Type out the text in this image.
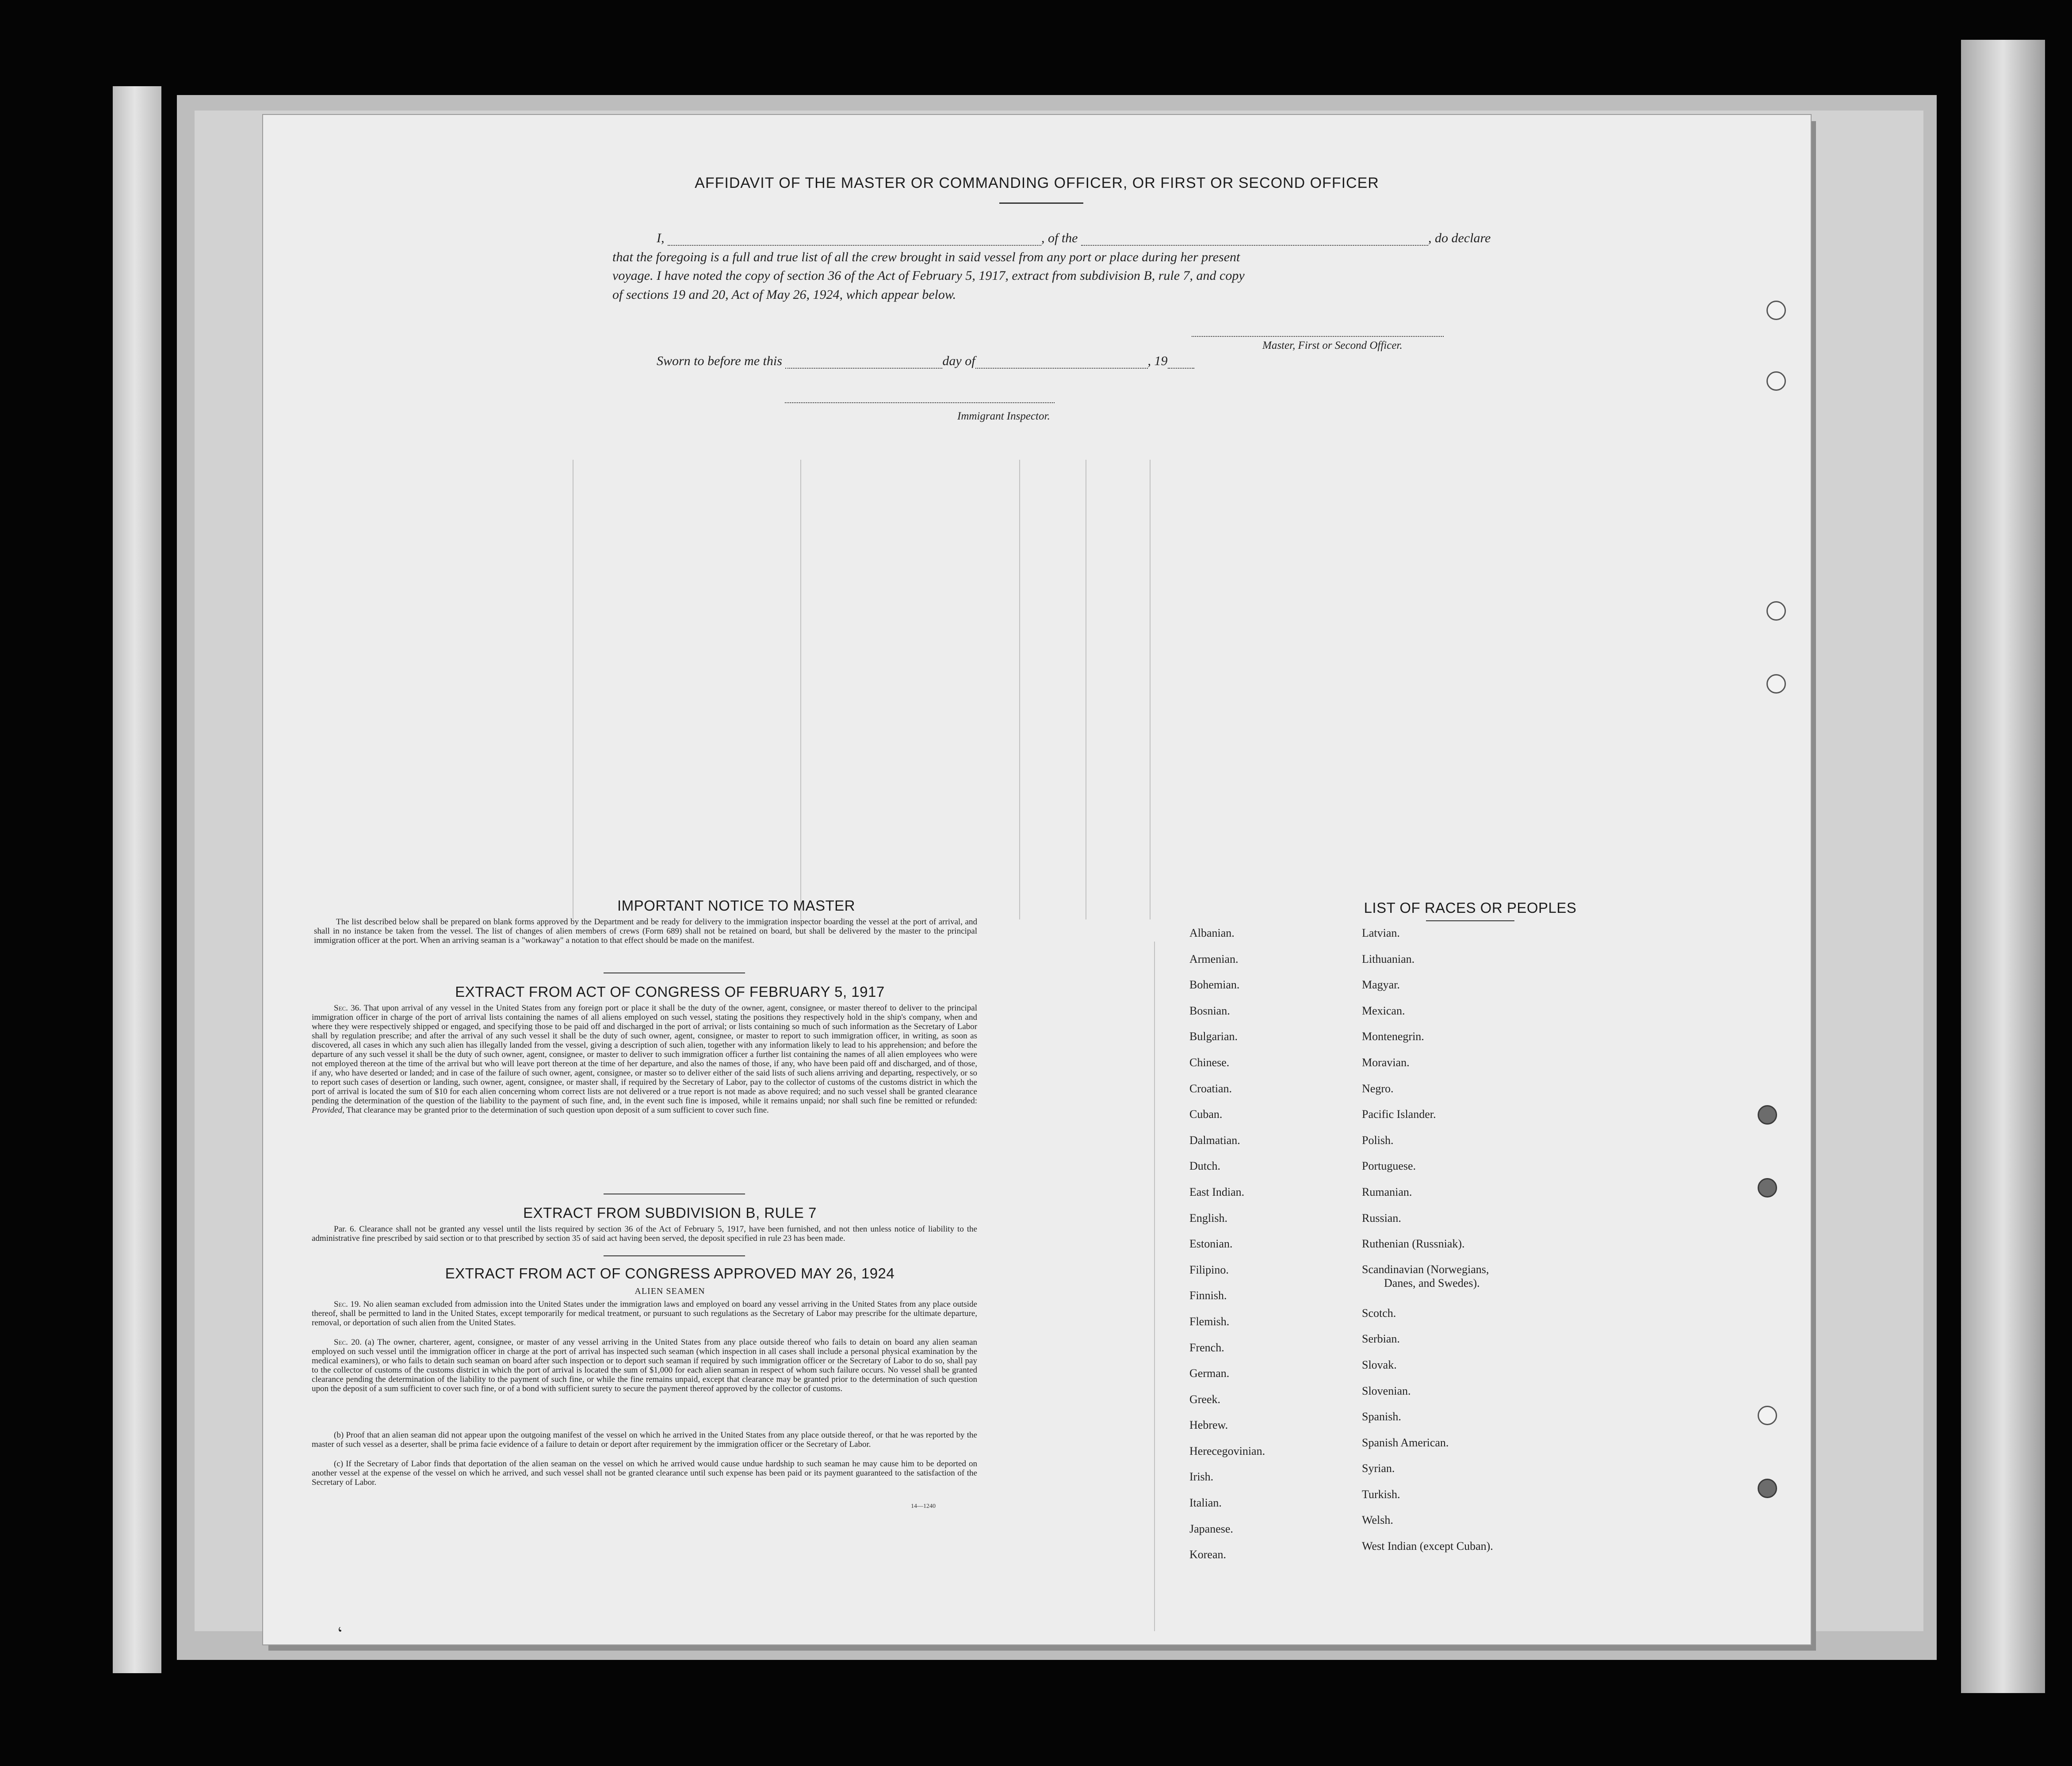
AFFIDAVIT OF THE MASTER OR COMMANDING OFFICER, OR FIRST OR SECOND OFFICER
I,	, of the	, do declare
that the foregoing is a full and true list of all the crew brought in said vessel from any port or place during her present
voyage. I have noted the copy of section 36 of the Act of February 5, 1917, extract from subdivision B, rule 7, and copy
of sections 19 and 20, Act of May 26, 1924, which appear below.
Master, First or Second Officer.
Sworn to before me this	day of	, 19
Immigrant Inspector.
IMPORTANT NOTICE TO MASTER
The list described below shall be prepared on blank forms approved by the Department and be ready for delivery to the immigration inspector boarding the vessel at the port of arrival, and shall in no instance be taken from the vessel. The list of changes of alien members of crews (Form 689) shall not be retained on board, but shall be delivered by the master to the principal immigration officer at the port. When an arriving seaman is a "workaway" a notation to that effect should be made on the manifest.
EXTRACT FROM ACT OF CONGRESS OF FEBRUARY 5, 1917
Sec. 36. That upon arrival of any vessel in the United States from any foreign port or place it shall be the duty of the owner, agent, consignee, or master thereof to deliver to the principal immigration officer in charge of the port of arrival lists containing the names of all aliens employed on such vessel, stating the positions they respectively hold in the ship's company, when and where they were respectively shipped or engaged, and specifying those to be paid off and discharged in the port of arrival; or lists containing so much of such information as the Secretary of Labor shall by regulation prescribe; and after the arrival of any such vessel it shall be the duty of such owner, agent, consignee, or master to report to such immigration officer, in writing, as soon as discovered, all cases in which any such alien has illegally landed from the vessel, giving a description of such alien, together with any information likely to lead to his apprehension; and before the departure of any such vessel it shall be the duty of such owner, agent, consignee, or master to deliver to such immigration officer a further list containing the names of all alien employees who were not employed thereon at the time of the arrival but who will leave port thereon at the time of her departure, and also the names of those, if any, who have been paid off and discharged, and of those, if any, who have deserted or landed; and in case of the failure of such owner, agent, consignee, or master so to deliver either of the said lists of such aliens arriving and departing, respectively, or so to report such cases of desertion or landing, such owner, agent, consignee, or master shall, if required by the Secretary of Labor, pay to the collector of customs of the customs district in which the port of arrival is located the sum of $10 for each alien concerning whom correct lists are not delivered or a true report is not made as above required; and no such vessel shall be granted clearance pending the determination of the question of the liability to the payment of such fine, and, in the event such fine is imposed, while it remains unpaid; nor shall such fine be remitted or refunded: Provided, That clearance may be granted prior to the determination of such question upon deposit of a sum sufficient to cover such fine.
EXTRACT FROM SUBDIVISION B, RULE 7
Par. 6. Clearance shall not be granted any vessel until the lists required by section 36 of the Act of February 5, 1917, have been furnished, and not then unless notice of liability to the administrative fine prescribed by said section or to that prescribed by section 35 of said act having been served, the deposit specified in rule 23 has been made.
EXTRACT FROM ACT OF CONGRESS APPROVED MAY 26, 1924
ALIEN SEAMEN
Sec. 19. No alien seaman excluded from admission into the United States under the immigration laws and employed on board any vessel arriving in the United States from any place outside thereof, shall be permitted to land in the United States, except temporarily for medical treatment, or pursuant to such regulations as the Secretary of Labor may prescribe for the ultimate departure, removal, or deportation of such alien from the United States.
Sec. 20. (a) The owner, charterer, agent, consignee, or master of any vessel arriving in the United States from any place outside thereof who fails to detain on board any alien seaman employed on such vessel until the immigration officer in charge at the port of arrival has inspected such seaman (which inspection in all cases shall include a personal physical examination by the medical examiners), or who fails to detain such seaman on board after such inspection or to deport such seaman if required by such immigration officer or the Secretary of Labor to do so, shall pay to the collector of customs of the customs district in which the port of arrival is located the sum of $1,000 for each alien seaman in respect of whom such failure occurs. No vessel shall be granted clearance pending the determination of the liability to the payment of such fine, or while the fine remains unpaid, except that clearance may be granted prior to the determination of such question upon the deposit of a sum sufficient to cover such fine, or of a bond with sufficient surety to secure the payment thereof approved by the collector of customs.
(b) Proof that an alien seaman did not appear upon the outgoing manifest of the vessel on which he arrived in the United States from any place outside thereof, or that he was reported by the master of such vessel as a deserter, shall be prima facie evidence of a failure to detain or deport after requirement by the immigration officer or the Secretary of Labor.
(c) If the Secretary of Labor finds that deportation of the alien seaman on the vessel on which he arrived would cause undue hardship to such seaman he may cause him to be deported on another vessel at the expense of the vessel on which he arrived, and such vessel shall not be granted clearance until such expense has been paid or its payment guaranteed to the satisfaction of the Secretary of Labor.
14—1240
LIST OF RACES OR PEOPLES
Albanian.
Armenian.
Bohemian.
Bosnian.
Bulgarian.
Chinese.
Croatian.
Cuban.
Dalmatian.
Dutch.
East Indian.
English.
Estonian.
Filipino.
Finnish.
Flemish.
French.
German.
Greek.
Hebrew.
Herecegovinian.
Irish.
Italian.
Japanese.
Korean.
Latvian.
Lithuanian.
Magyar.
Mexican.
Montenegrin.
Moravian.
Negro.
Pacific Islander.
Polish.
Portuguese.
Rumanian.
Russian.
Ruthenian (Russniak).
Scandinavian (Norwegians,
Danes, and Swedes).
Scotch.
Serbian.
Slovak.
Slovenian.
Spanish.
Spanish American.
Syrian.
Turkish.
Welsh.
West Indian (except Cuban).
‘
